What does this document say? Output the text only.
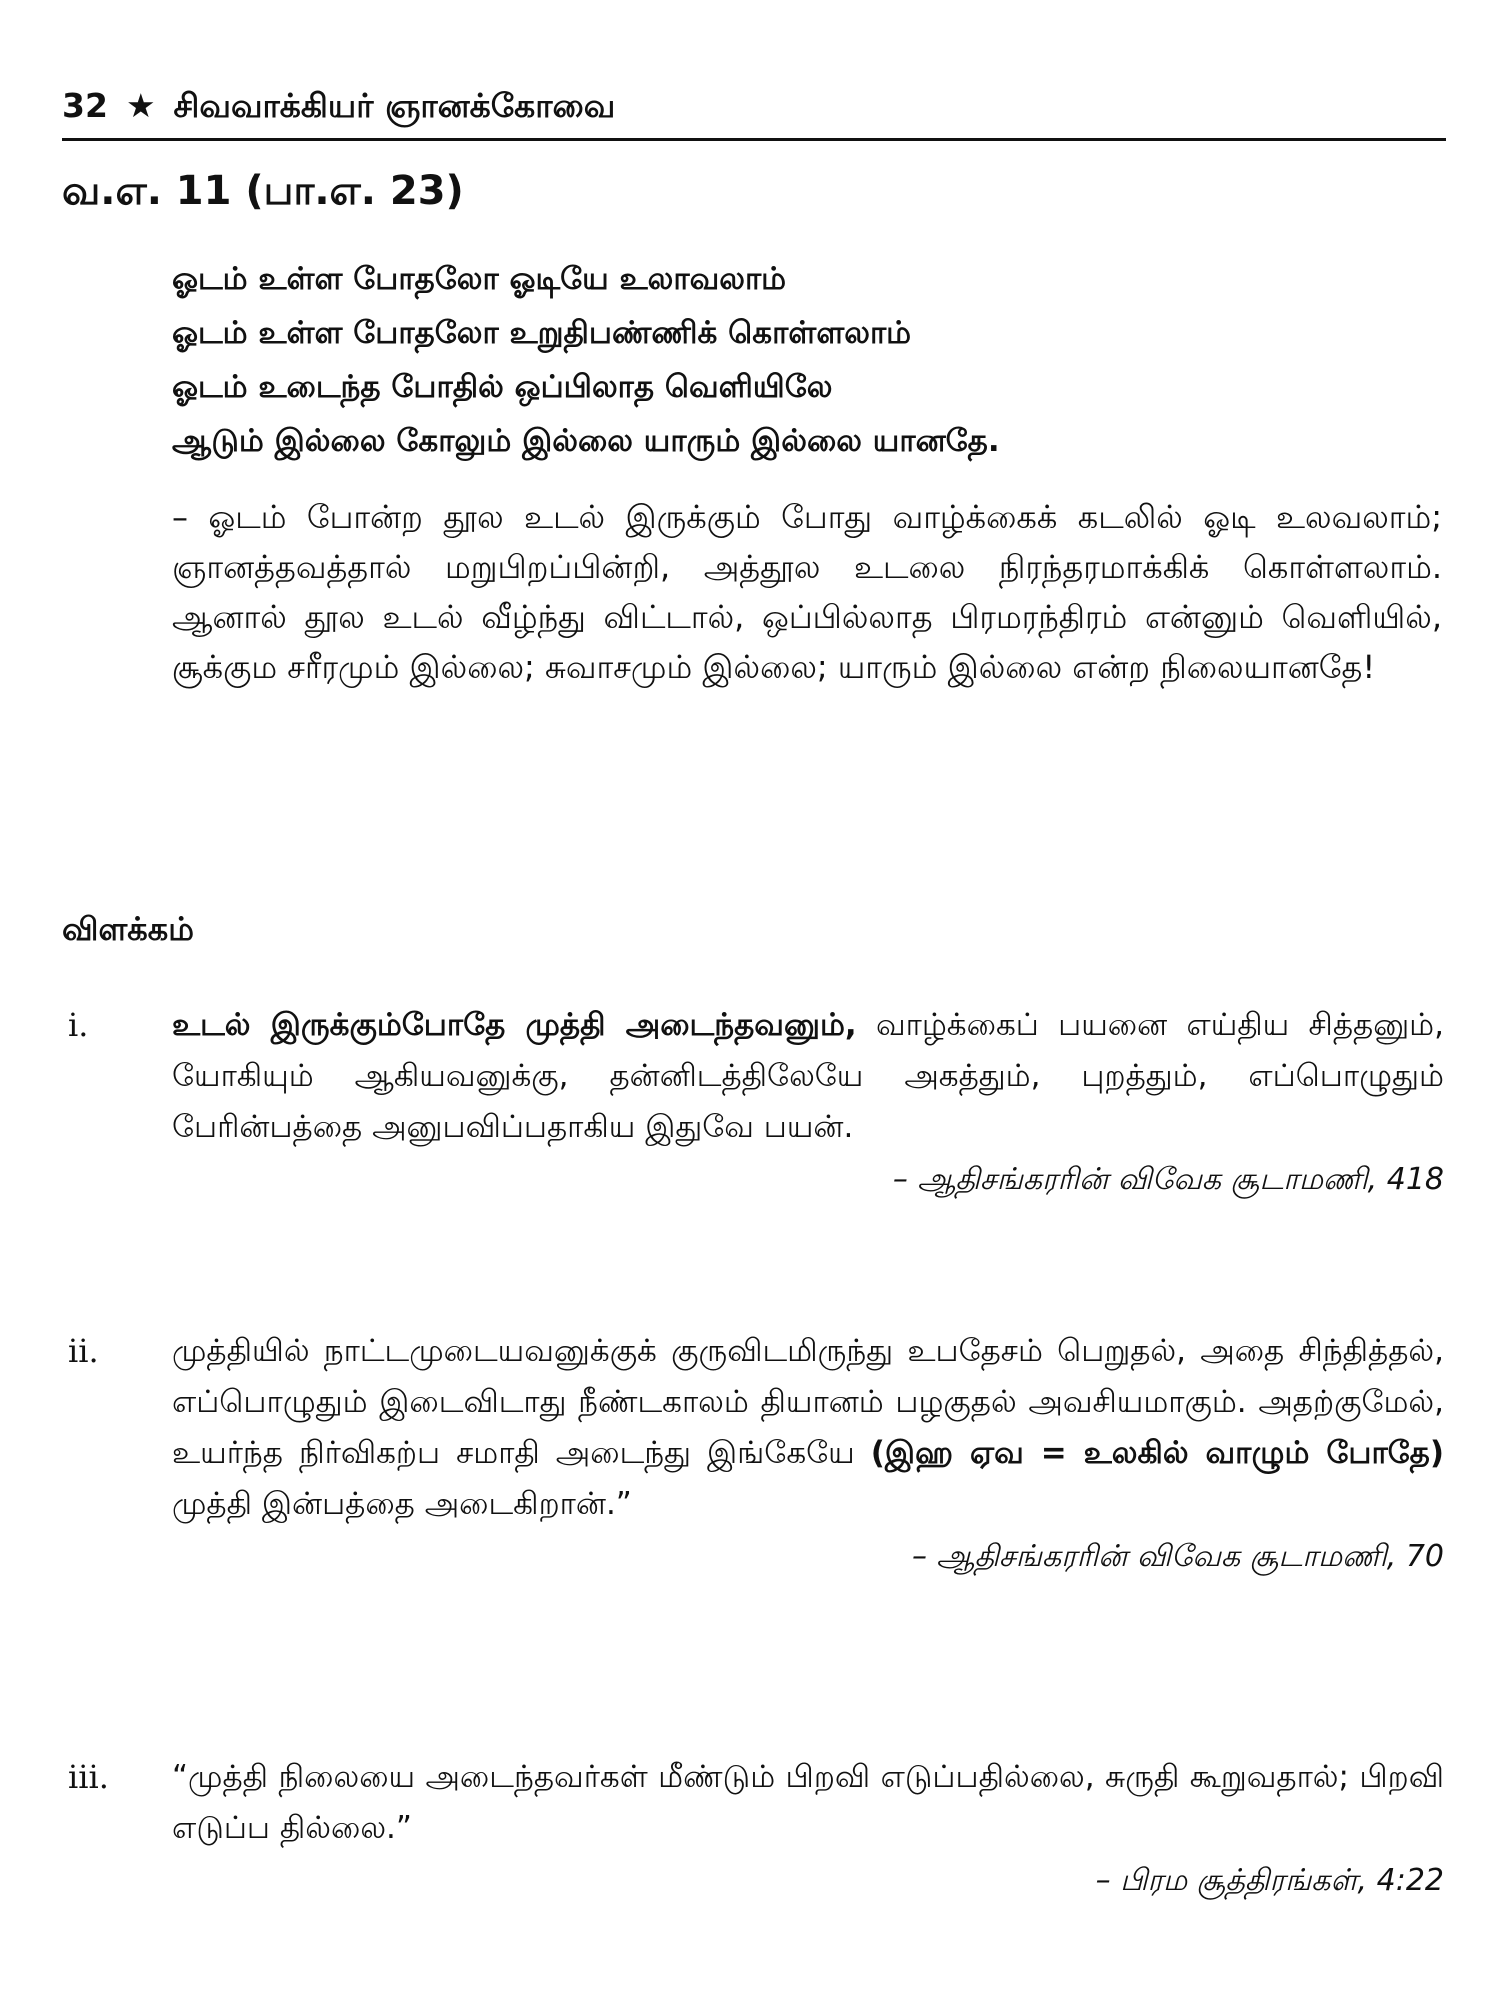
32 ★ சிவவாக்கியர் ஞானக்கோவை
வ.எ. 11 (பா.எ. 23)
ஓடம் உள்ள போதலோ ஓடியே உலாவலாம்
ஓடம் உள்ள போதலோ உறுதிபண்ணிக் கொள்ளலாம்
ஓடம் உடைந்த போதில் ஒப்பிலாத வெளியிலே
ஆடும் இல்லை கோலும் இல்லை யாரும் இல்லை யானதே.
– ஓடம் போன்ற தூல உடல் இருக்கும் போது வாழ்க்கைக் கடலில் ஓடி உலவலாம்; ஞானத்தவத்தால் மறுபிறப்பின்றி, அத்தூல உடலை நிரந்தரமாக்கிக் கொள்ளலாம். ஆனால் தூல உடல் வீழ்ந்து விட்டால், ஒப்பில்லாத பிரமரந்திரம் என்னும் வெளியில், சூக்கும சரீரமும் இல்லை; சுவாசமும் இல்லை; யாரும் இல்லை என்ற நிலையானதே!
விளக்கம்
i.	உடல் இருக்கும்போதே முத்தி அடைந்தவனும், வாழ்க்கைப் பயனை எய்திய சித்தனும், யோகியும் ஆகியவனுக்கு, தன்னிடத்திலேயே அகத்தும், புறத்தும், எப்பொழுதும் பேரின்பத்தை அனுபவிப்பதாகிய இதுவே பயன்.
– ஆதிசங்கரரின் விவேக சூடாமணி, 418
ii. முத்தியில் நாட்டமுடையவனுக்குக் குருவிடமிருந்து உபதேசம் பெறுதல், அதை சிந்தித்தல், எப்பொழுதும் இடைவிடாது நீண்டகாலம் தியானம் பழகுதல் அவசியமாகும். அதற்குமேல், உயர்ந்த நிர்விகற்ப சமாதி அடைந்து இங்கேயே (இஹ ஏவ = உலகில் வாழும் போதே) முத்தி இன்பத்தை அடைகிறான்.”
– ஆதிசங்கரரின் விவேக சூடாமணி, 70
iii. “முத்தி நிலையை அடைந்தவர்கள் மீண்டும் பிறவி எடுப்பதில்லை, சுருதி கூறுவதால்; பிறவி எடுப்ப தில்லை.”
– பிரம சூத்திரங்கள், 4:22
